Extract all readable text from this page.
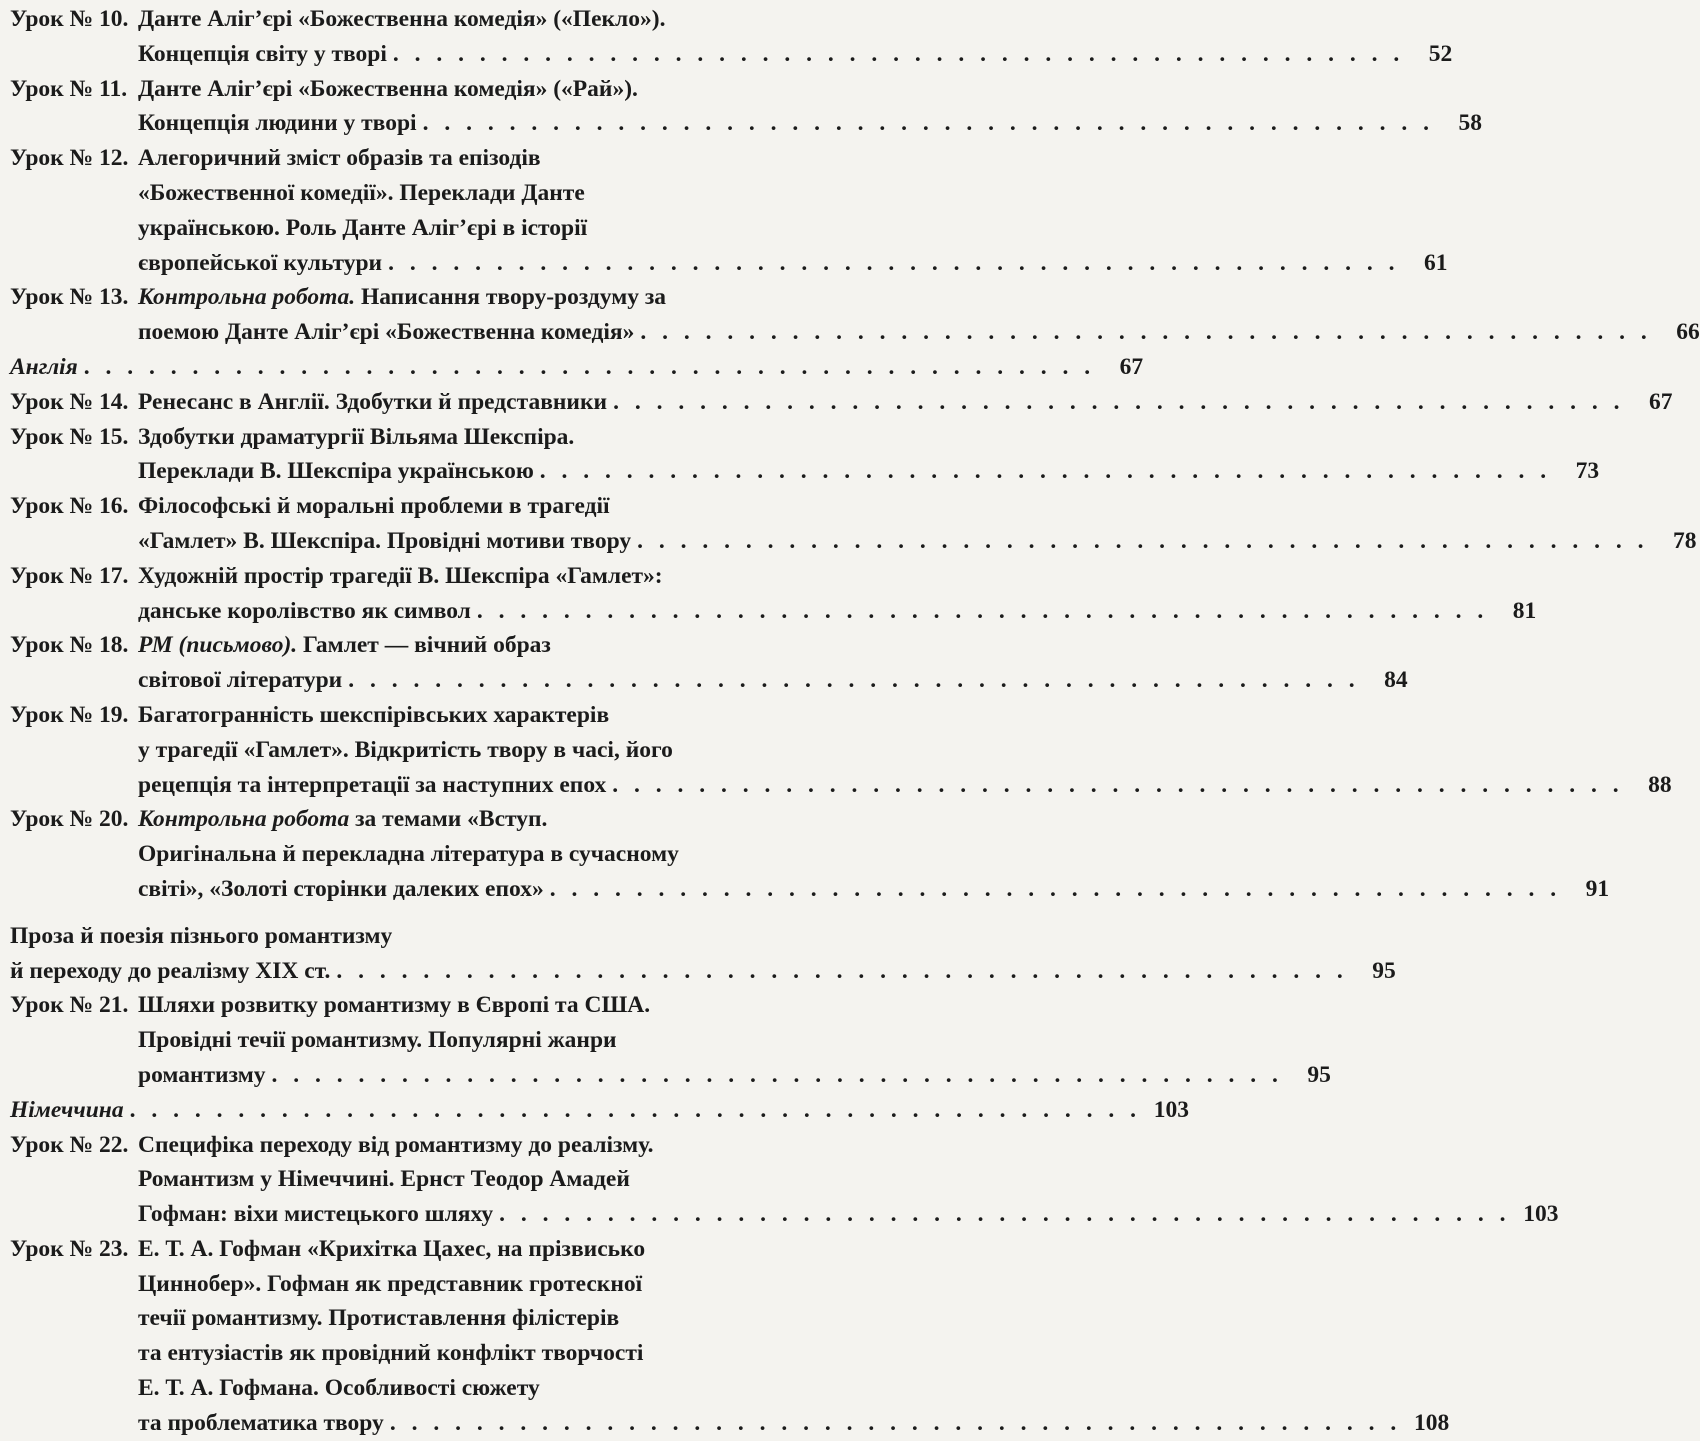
Урок № 10. Данте Аліг’єрі «Божественна комедія» («Пекло»).
Концепція світу у творі . . . . . . . . . . . . . . . . . . . . . . . . . . . . . . . . . . . . . . . . . . . . . . .	52
Урок № 11. Данте Аліг’єрі «Божественна комедія» («Рай»).
Концепція людини у творі . . . . . . . . . . . . . . . . . . . . . . . . . . . . . . . . . . . . . . . . . . . . . . .	58
Урок № 12. Алегоричний зміст образів та епізодів
«Божественної комедії». Переклади Данте
українською. Роль Данте Аліг’єрі в історії
європейської культури . . . . . . . . . . . . . . . . . . . . . . . . . . . . . . . . . . . . . . . . . . . . . . .	61
Урок № 13. Контрольна робота. Написання твору-роздуму за
поемою Данте Аліг’єрі «Божественна комедія» . . . . . . . . . . . . . . . . . . . . . . . . . . . . . . . . . . . . . . . . . . . . . . .	66
Англія . . . . . . . . . . . . . . . . . . . . . . . . . . . . . . . . . . . . . . . . . . . . . . .	67
Урок № 14. Ренесанс в Англії. Здобутки й представники . . . . . . . . . . . . . . . . . . . . . . . . . . . . . . . . . . . . . . . . . . . . . . .	67
Урок № 15. Здобутки драматургії Вільяма Шекспіра.
Переклади В. Шекспіра українською . . . . . . . . . . . . . . . . . . . . . . . . . . . . . . . . . . . . . . . . . . . . . . .	73
Урок № 16. Філософські й моральні проблеми в трагедії
«Гамлет» В. Шекспіра. Провідні мотиви твору . . . . . . . . . . . . . . . . . . . . . . . . . . . . . . . . . . . . . . . . . . . . . . .	78
Урок № 17. Художній простір трагедії В. Шекспіра «Гамлет»:
данське королівство як символ . . . . . . . . . . . . . . . . . . . . . . . . . . . . . . . . . . . . . . . . . . . . . . .	81
Урок № 18. РМ (письмово). Гамлет — вічний образ
світової літератури . . . . . . . . . . . . . . . . . . . . . . . . . . . . . . . . . . . . . . . . . . . . . . .	84
Урок № 19. Багатогранність шекспірівських характерів
у трагедії «Гамлет». Відкритість твору в часі, його
рецепція та інтерпретації за наступних епох . . . . . . . . . . . . . . . . . . . . . . . . . . . . . . . . . . . . . . . . . . . . . . .	88
Урок № 20. Контрольна робота за темами «Вступ.
Оригінальна й перекладна література в сучасному
світі», «Золоті сторінки далеких епох» . . . . . . . . . . . . . . . . . . . . . . . . . . . . . . . . . . . . . . . . . . . . . . .	91
Проза й поезія пізнього романтизму
й переходу до реалізму XIX ст. . . . . . . . . . . . . . . . . . . . . . . . . . . . . . . . . . . . . . . . . . . . . . . .	95
Урок № 21. Шляхи розвитку романтизму в Європі та США.
Провідні течії романтизму. Популярні жанри
романтизму . . . . . . . . . . . . . . . . . . . . . . . . . . . . . . . . . . . . . . . . . . . . . . .	95
Німеччина . . . . . . . . . . . . . . . . . . . . . . . . . . . . . . . . . . . . . . . . . . . . . . . 103
Урок № 22. Специфіка переходу від романтизму до реалізму.
Романтизм у Німеччині. Ернст Теодор Амадей
Гофман: віхи мистецького шляху . . . . . . . . . . . . . . . . . . . . . . . . . . . . . . . . . . . . . . . . . . . . . . . 103
Урок № 23. Е. Т. А. Гофман «Крихітка Цахес, на прізвисько
Циннобер». Гофман як представник гротескної
течії романтизму. Протиставлення філістерів
та ентузіастів як провідний конфлікт творчості
Е. Т. А. Гофмана. Особливості сюжету
та проблематика твору . . . . . . . . . . . . . . . . . . . . . . . . . . . . . . . . . . . . . . . . . . . . . . . 108
